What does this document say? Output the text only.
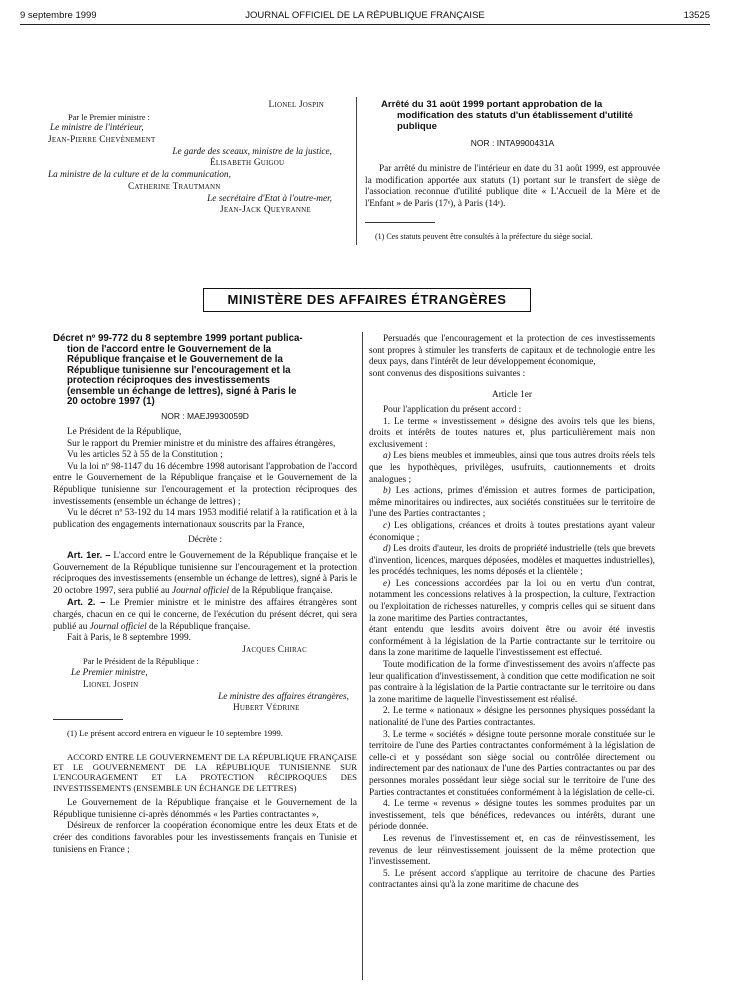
9 septembre 1999	JOURNAL OFFICIEL DE LA RÉPUBLIQUE FRANÇAISE	13525
Lionel Jospin
Par le Premier ministre :
Le ministre de l'intérieur,
Jean-Pierre Chevènement
Le garde des sceaux, ministre de la justice,
Élisabeth Guigou
La ministre de la culture et de la communication,
Catherine Trautmann
Le secrétaire d'Etat à l'outre-mer,
Jean-Jack Queyranne
Arrêté du 31 août 1999 portant approbation de la modification des statuts d'un établissement d'utilité publique
NOR : INTA9900431A
Par arrêté du ministre de l'intérieur en date du 31 août 1999, est approuvée la modification apportée aux statuts (1) portant sur le transfert de siège de l'association reconnue d'utilité publique dite « L'Accueil de la Mère et de l'Enfant » de Paris (17ᵉ), à Paris (14ᵉ).
(1) Ces statuts peuvent être consultés à la préfecture du siège social.
MINISTÈRE DES AFFAIRES ÉTRANGÈRES
Décret nº 99-772 du 8 septembre 1999 portant publica-
tion de l'accord entre le Gouvernement de la
République française et le Gouvernement de la
République tunisienne sur l'encouragement et la
protection réciproques des investissements
(ensemble un échange de lettres), signé à Paris le
20 octobre 1997 (1)
NOR : MAEJ9930059D
Le Président de la République,
Sur le rapport du Premier ministre et du ministre des affaires étrangères,
Vu les articles 52 à 55 de la Constitution ;
Vu la loi nº 98-1147 du 16 décembre 1998 autorisant l'approbation de l'accord entre le Gouvernement de la République française et le Gouvernement de la République tunisienne sur l'encouragement et la protection réciproques des investissements (ensemble un échange de lettres) ;
Vu le décret nº 53-192 du 14 mars 1953 modifié relatif à la ratification et à la publication des engagements internationaux souscrits par la France,
Décrète :
Art. 1er. – L'accord entre le Gouvernement de la République française et le Gouvernement de la République tunisienne sur l'encouragement et la protection réciproques des investissements (ensemble un échange de lettres), signé à Paris le 20 octobre 1997, sera publié au Journal officiel de la République française.
Art. 2. – Le Premier ministre et le ministre des affaires étrangères sont chargés, chacun en ce qui le concerne, de l'exécution du présent décret, qui sera publié au Journal officiel de la République française.
Fait à Paris, le 8 septembre 1999.
Jacques Chirac
Par le Président de la République :
Le Premier ministre,
Lionel Jospin
Le ministre des affaires étrangères,
Hubert Védrine
(1) Le présent accord entrera en vigueur le 10 septembre 1999.
ACCORD ENTRE LE GOUVERNEMENT DE LA RÉPUBLIQUE FRANÇAISE ET LE GOUVERNEMENT DE LA RÉPUBLIQUE TUNISIENNE SUR L'ENCOURAGEMENT ET LA PROTECTION RÉCIPROQUES DES INVESTISSEMENTS (ENSEMBLE UN ÉCHANGE DE LETTRES)
Le Gouvernement de la République française et le Gouvernement de la République tunisienne ci-après dénommés « les Parties contractantes »,
Désireux de renforcer la coopération économique entre les deux Etats et de créer des conditions favorables pour les investissements français en Tunisie et tunisiens en France ;
Persuadés que l'encouragement et la protection de ces investissements sont propres à stimuler les transferts de capitaux et de technologie entre les deux pays, dans l'intérêt de leur développement économique,
sont convenus des dispositions suivantes :
Article 1er
Pour l'application du présent accord :
1. Le terme « investissement » désigne des avoirs tels que les biens, droits et intérêts de toutes natures et, plus particulièrement mais non exclusivement :
a) Les biens meubles et immeubles, ainsi que tous autres droits réels tels que les hypothèques, privilèges, usufruits, cautionnements et droits analogues ;
b) Les actions, primes d'émission et autres formes de participation, même minoritaires ou indirectes, aux sociétés constituées sur le territoire de l'une des Parties contractantes ;
c) Les obligations, créances et droits à toutes prestations ayant valeur économique ;
d) Les droits d'auteur, les droits de propriété industrielle (tels que brevets d'invention, licences, marques déposées, modèles et maquettes industrielles), les procédés techniques, les noms déposés et la clientèle ;
e) Les concessions accordées par la loi ou en vertu d'un contrat, notamment les concessions relatives à la prospection, la culture, l'extraction ou l'exploitation de richesses naturelles, y compris celles qui se situent dans la zone maritime des Parties contractantes,
étant entendu que lesdits avoirs doivent être ou avoir été investis conformément à la législation de la Partie contractante sur le territoire ou dans la zone maritime de laquelle l'investissement est effectué.
Toute modification de la forme d'investissement des avoirs n'affecte pas leur qualification d'investissement, à condition que cette modification ne soit pas contraire à la législation de la Partie contractante sur le territoire ou dans la zone maritime de laquelle l'investissement est réalisé.
2. Le terme « nationaux » désigne les personnes physiques possédant la nationalité de l'une des Parties contractantes.
3. Le terme « sociétés » désigne toute personne morale constituée sur le territoire de l'une des Parties contractantes conformément à la législation de celle-ci et y possédant son siège social ou contrôlée directement ou indirectement par des nationaux de l'une des Parties contractantes ou par des personnes morales possédant leur siège social sur le territoire de l'une des Parties contractantes et constituées conformément à la législation de celle-ci.
4. Le terme « revenus » désigne toutes les sommes produites par un investissement, tels que bénéfices, redevances ou intérêts, durant une période donnée.
Les revenus de l'investissement et, en cas de réinvestissement, les revenus de leur réinvestissement jouissent de la même protection que l'investissement.
5. Le présent accord s'applique au territoire de chacune des Parties contractantes ainsi qu'à la zone maritime de chacune des
